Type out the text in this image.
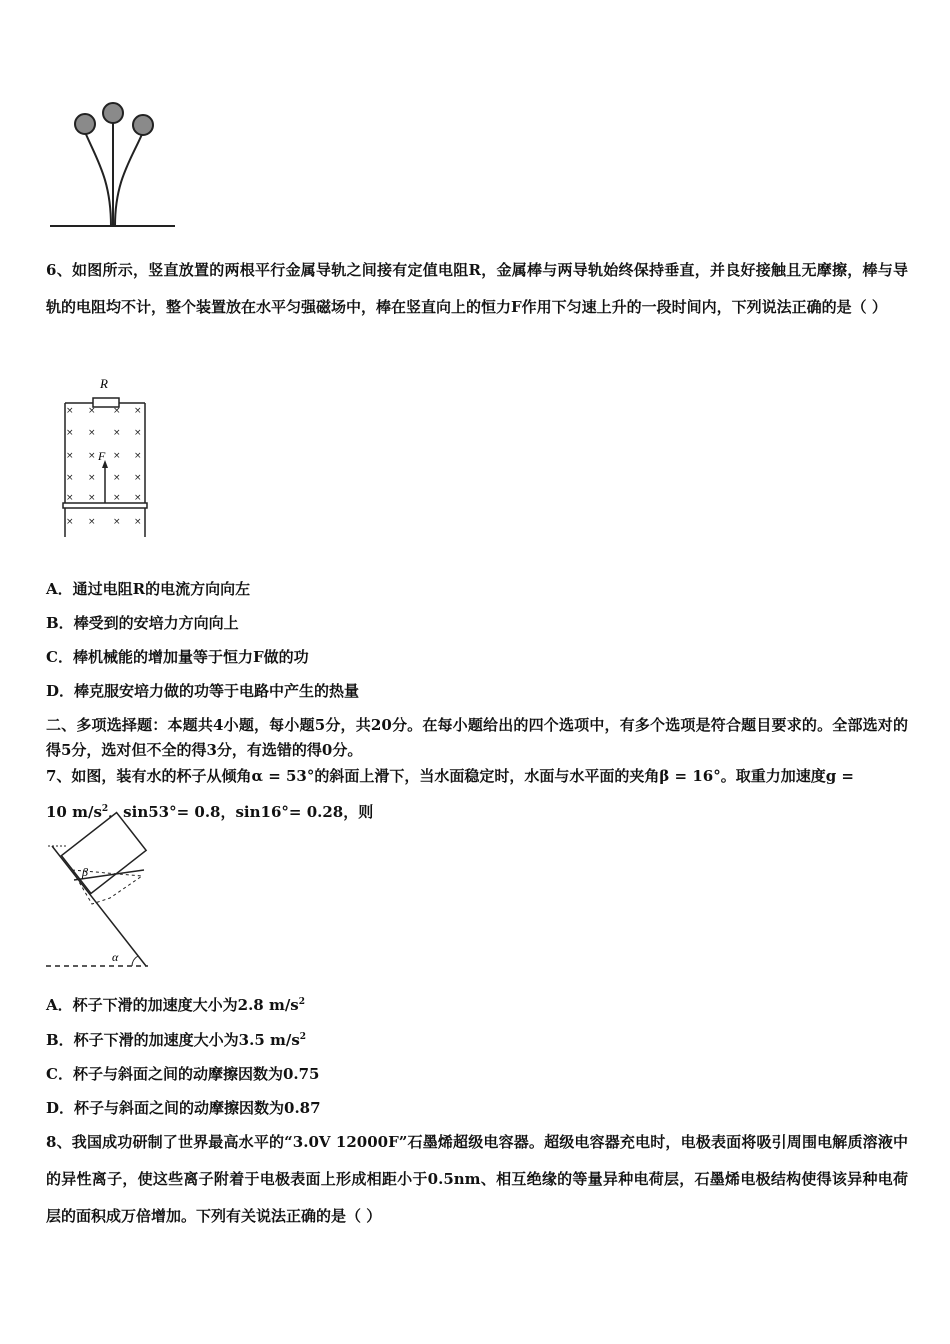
6、如图所示，竖直放置的两根平行金属导轨之间接有定值电阻R，金属棒与两导轨始终保持垂直，并良好接触且无摩擦，棒与导轨的电阻均不计，整个装置放在水平匀强磁场中，棒在竖直向上的恒力F作用下匀速上升的一段时间内，下列说法正确的是（ ）
R
F
× × × ×
× × × ×
× × × ×
× × × ×
× × × ×
× × × ×
A．通过电阻R的电流方向向左
B．棒受到的安培力方向向上
C．棒机械能的增加量等于恒力F做的功
D．棒克服安培力做的功等于电路中产生的热量
二、多项选择题：本题共4小题，每小题5分，共20分。在每小题给出的四个选项中，有多个选项是符合题目要求的。全部选对的得5分，选对但不全的得3分，有选错的得0分。
7、如图，装有水的杯子从倾角α = 53°的斜面上滑下，当水面稳定时，水面与水平面的夹角β = 16°。取重力加速度g =
10 $m/s^2$，sin53°= 0.8，sin16°= 0.28，则
β
α
A．杯子下滑的加速度大小为2.8 $m/s^2$
B．杯子下滑的加速度大小为3.5 $m/s^2$
C．杯子与斜面之间的动摩擦因数为0.75
D．杯子与斜面之间的动摩擦因数为0.87
8、我国成功研制了世界最高水平的“3.0V 12000F”石墨烯超级电容器。超级电容器充电时，电极表面将吸引周围电解质溶液中的异性离子，使这些离子附着于电极表面上形成相距小于0.5nm、相互绝缘的等量异种电荷层，石墨烯电极结构使得该异种电荷层的面积成万倍增加。下列有关说法正确的是（ ）
